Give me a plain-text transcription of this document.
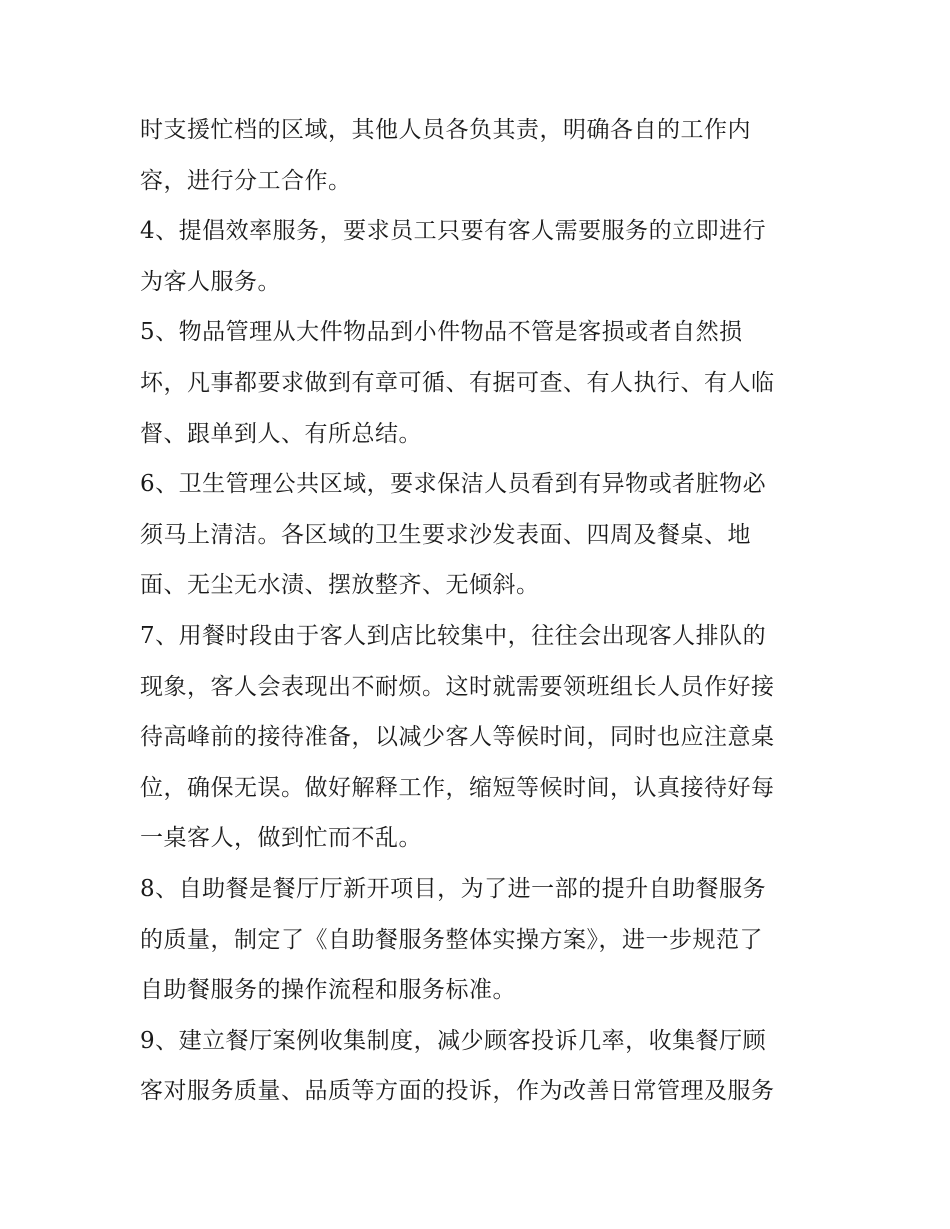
时支援忙档的区域，其他人员各负其责，明确各自的工作内
容，进行分工合作。
4、提倡效率服务，要求员工只要有客人需要服务的立即进行
为客人服务。
5、物品管理从大件物品到小件物品不管是客损或者自然损
坏，凡事都要求做到有章可循、有据可查、有人执行、有人临
督、跟单到人、有所总结。
6、卫生管理公共区域，要求保洁人员看到有异物或者脏物必
须马上清洁。各区域的卫生要求沙发表面、四周及餐桌、地
面、无尘无水渍、摆放整齐、无倾斜。
7、用餐时段由于客人到店比较集中，往往会出现客人排队的
现象，客人会表现出不耐烦。这时就需要领班组长人员作好接
待高峰前的接待准备，以减少客人等候时间，同时也应注意桌
位，确保无误。做好解释工作，缩短等候时间，认真接待好每
一桌客人，做到忙而不乱。
8、自助餐是餐厅厅新开项目，为了进一部的提升自助餐服务
的质量，制定了《自助餐服务整体实操方案》，进一步规范了
自助餐服务的操作流程和服务标准。
9、建立餐厅案例收集制度，减少顾客投诉几率，收集餐厅顾
客对服务质量、品质等方面的投诉，作为改善日常管理及服务
